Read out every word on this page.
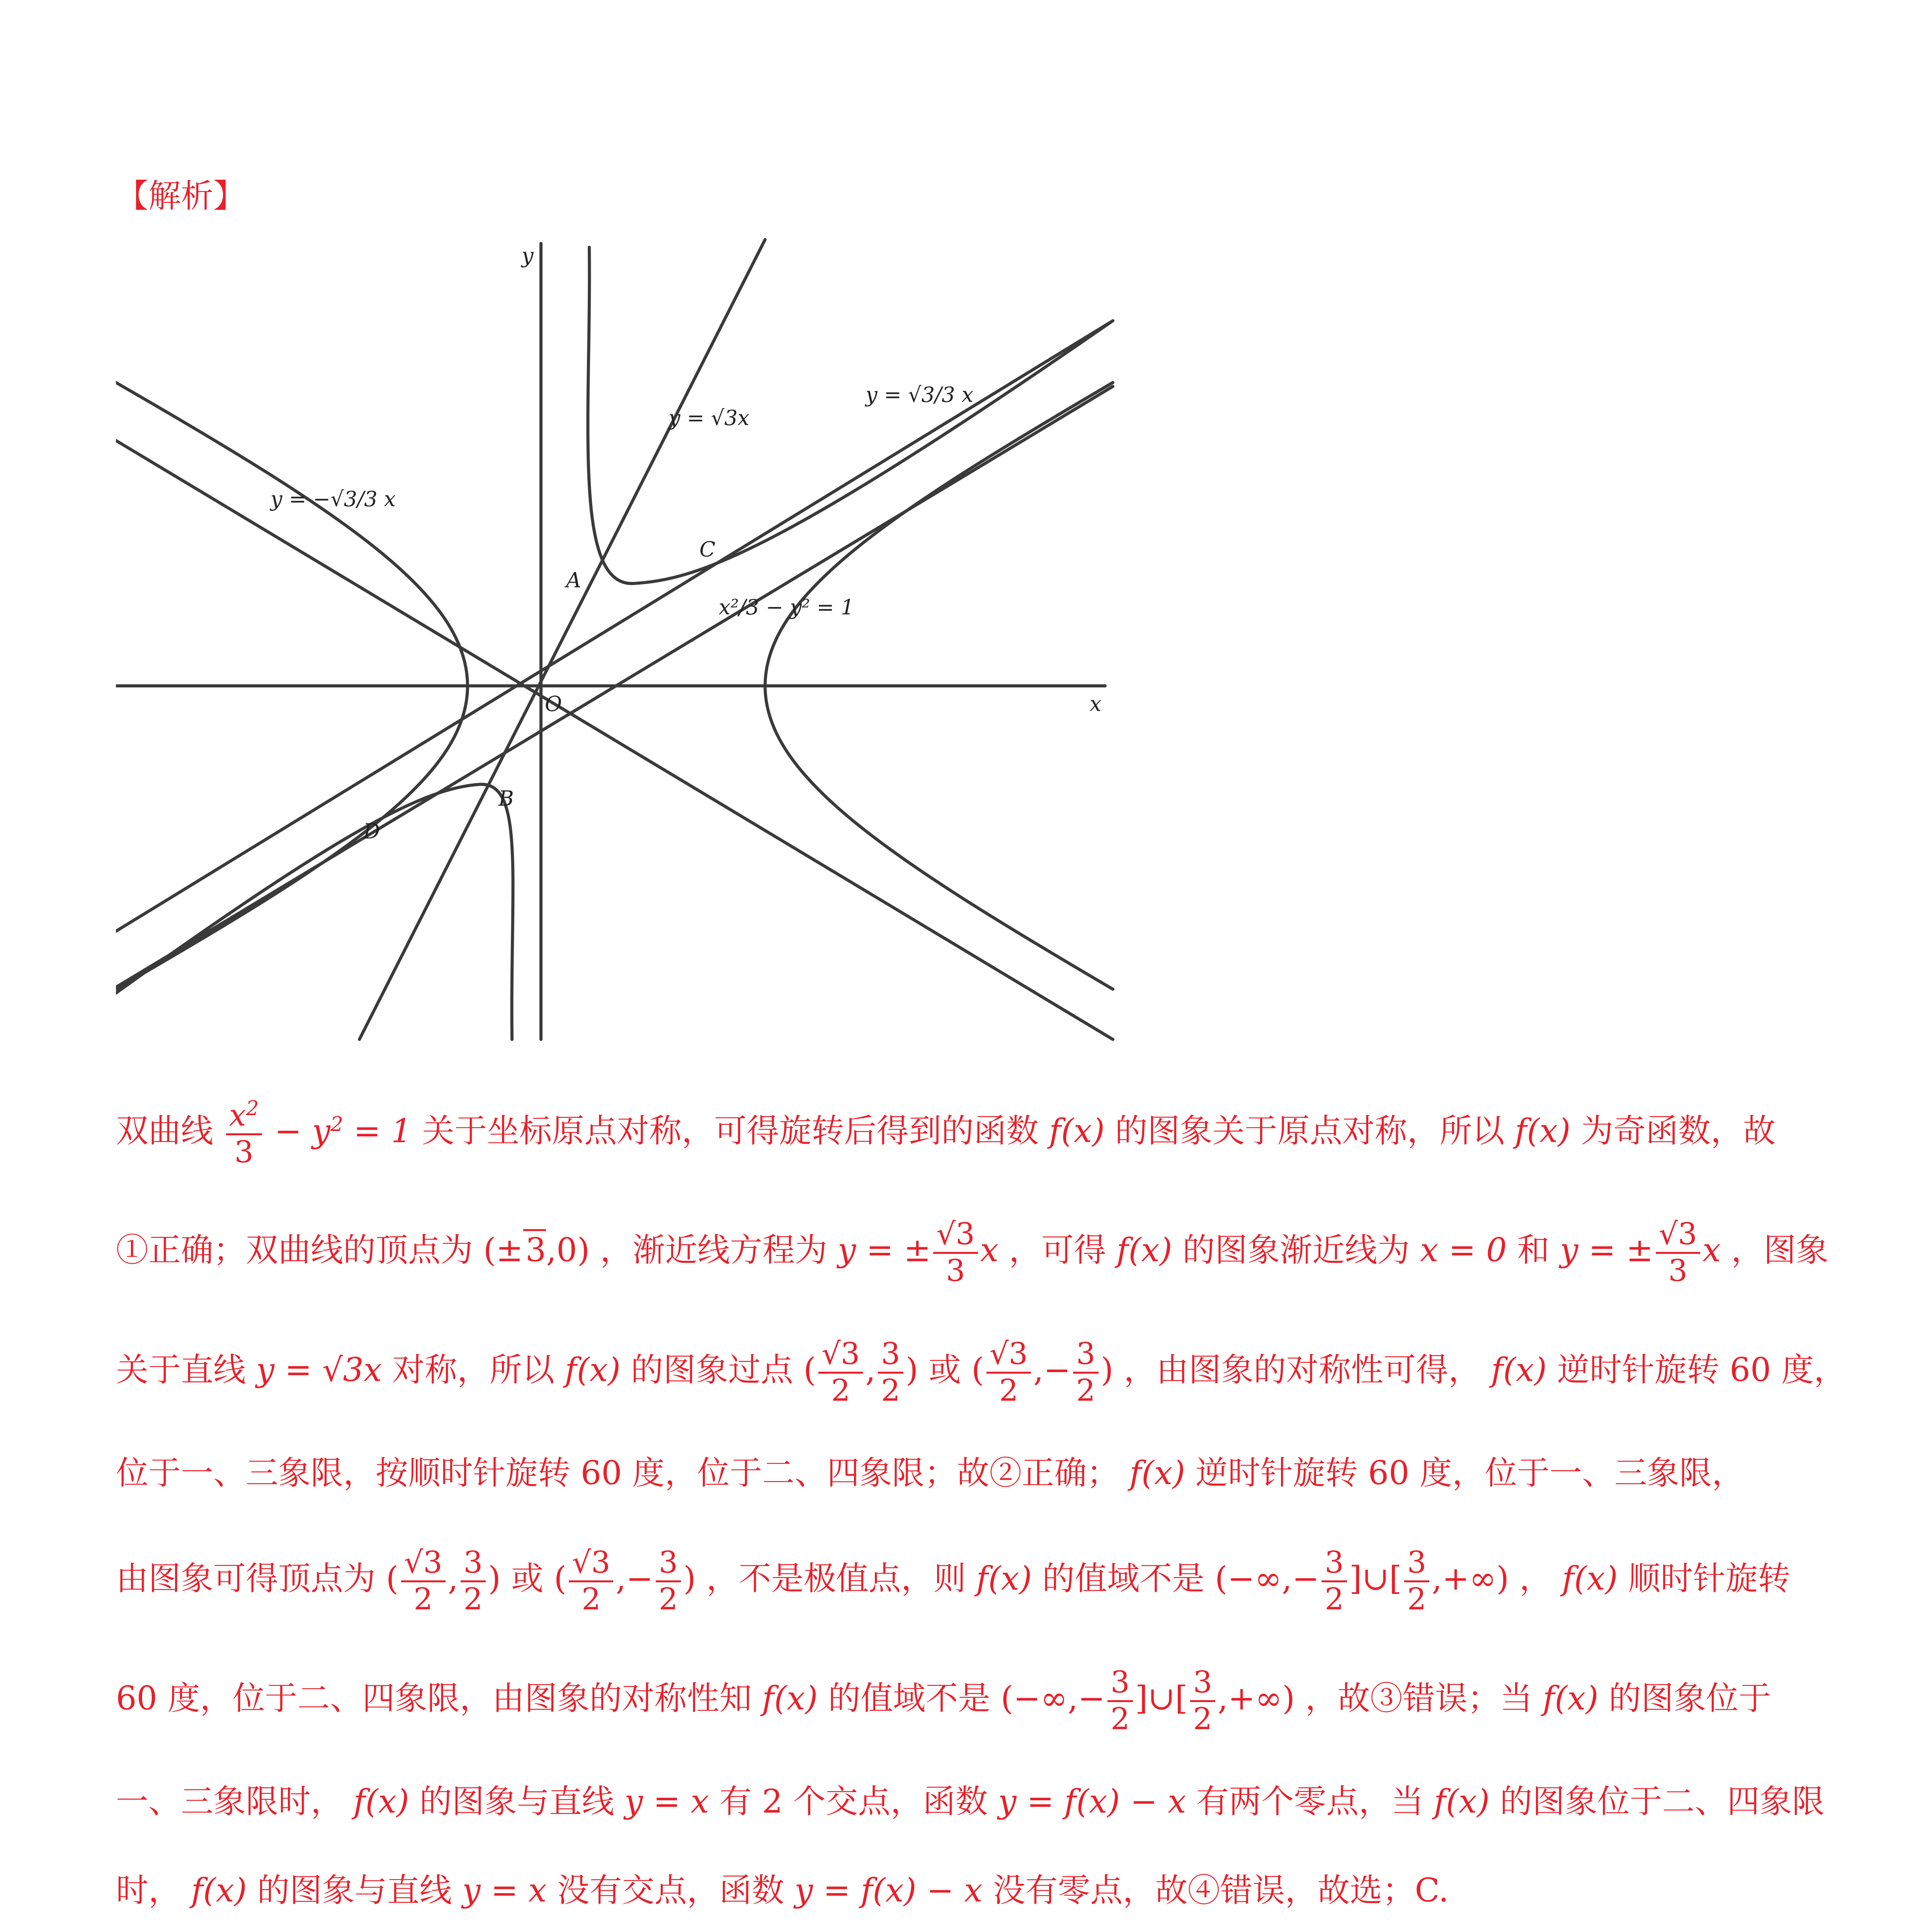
【解析】
y
x
O
A
B
C
D
y = √3x
y = √3/3 x
y = −√3/3 x
x²/3 − y² = 1
双曲线 $\frac{x^2}{3} - y^2 = 1$ 关于坐标原点对称，可得旋转后得到的函数 f(x) 的图象关于原点对称，所以 f(x) 为奇函数，故
①正确；双曲线的顶点为 (±3,0) ，渐近线方程为 y = ± $\frac{√3}{3}$ x ，可得 f(x) 的图象渐近线为 x = 0 和 y = ± $\frac{√3}{3}$ x ，图象
关于直线 y = √3x 对称，所以 f(x) 的图象过点 ( $\frac{√3}{2}$ , $\frac{3}{2}$ ) 或 ( $\frac{√3}{2}$ ,− $\frac{3}{2}$ ) ，由图象的对称性可得， f(x) 逆时针旋转 60 度，
位于一、三象限，按顺时针旋转 60 度，位于二、四象限；故②正确； f(x) 逆时针旋转 60 度，位于一、三象限，
由图象可得顶点为 ( $\frac{√3}{2}$ , $\frac{3}{2}$ ) 或 ( $\frac{√3}{2}$ ,− $\frac{3}{2}$ ) ，不是极值点，则 f(x) 的值域不是 (−∞,− $\frac{3}{2}$ ]∪[ $\frac{3}{2}$ ,+∞) ， f(x) 顺时针旋转
60 度，位于二、四象限，由图象的对称性知 f(x) 的值域不是 (−∞,− $\frac{3}{2}$ ]∪[ $\frac{3}{2}$ ,+∞) ，故③错误；当 f(x) 的图象位于
一、三象限时， f(x) 的图象与直线 y = x 有 2 个交点，函数 y = f(x) − x 有两个零点，当 f(x) 的图象位于二、四象限
时， f(x) 的图象与直线 y = x 没有交点，函数 y = f(x) − x 没有零点，故④错误，故选；C.
